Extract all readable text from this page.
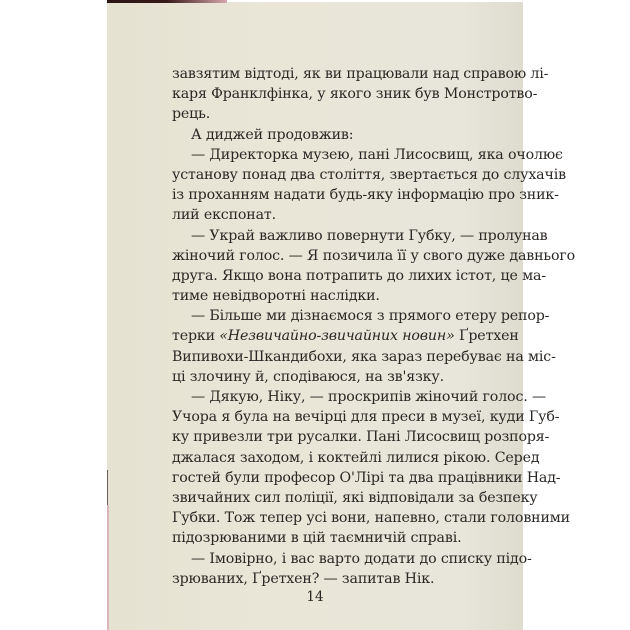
завзятим відтоді, як ви працювали над справою лі-
каря Франклфінка, у якого зник був Монстротво-
рець.
А диджей продовжив:
— Директорка музею, пані Лисосвищ, яка очолює
установу понад два століття, звертається до слухачів
із проханням надати будь-яку інформацію про зник-
лий експонат.
— Украй важливо повернути Губку, — пролунав
жіночий голос. — Я позичила її у свого дуже давнього
друга. Якщо вона потрапить до лихих істот, це ма-
тиме невідворотні наслідки.
— Більше ми дізнаємося з прямого етеру репор-
терки «Незвичайно-звичайних новин» Ґретхен
Випивохи-Шкандибохи, яка зараз перебуває на міс-
ці злочину й, сподіваюся, на зв'язку.
— Дякую, Ніку, — проскрипів жіночий голос. —
Учора я була на вечірці для преси в музеї, куди Губ-
ку привезли три русалки. Пані Лисосвищ розпоря-
джалася заходом, і коктейлі лилися рікою. Серед
гостей були професор О'Лірі та два працівники Над-
звичайних сил поліції, які відповідали за безпеку
Губки. Тож тепер усі вони, напевно, стали головними
підозрюваними в цій таємничій справі.
— Імовірно, і вас варто додати до списку підо-
зрюваних, Ґретхен? — запитав Нік.
14
